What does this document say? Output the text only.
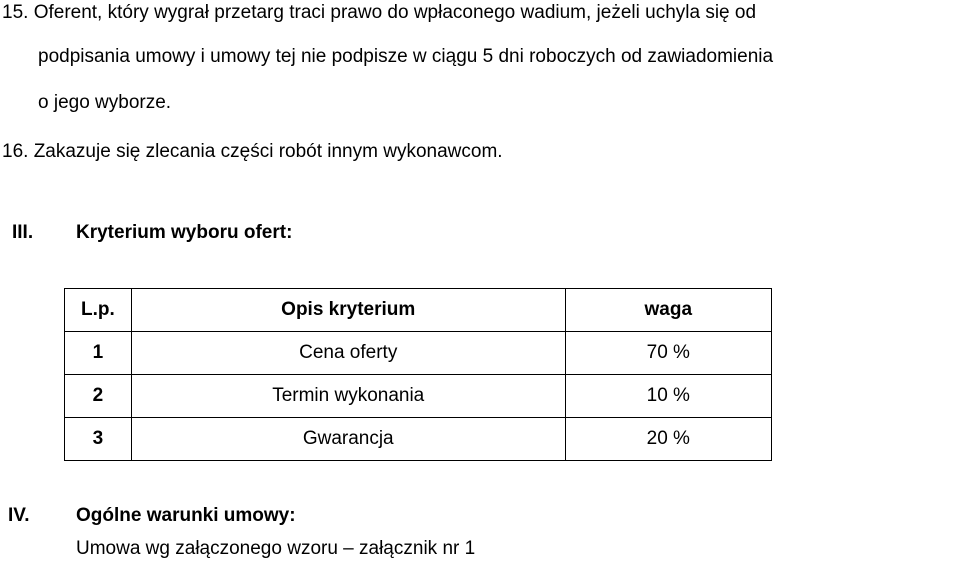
15. Oferent, który wygrał przetarg traci prawo do wpłaconego wadium, jeżeli uchyla się od
podpisania umowy i umowy tej nie podpisze w ciągu 5 dni roboczych od zawiadomienia
o jego wyborze.
16. Zakazuje się zlecania części robót innym wykonawcom.
III. Kryterium wyboru ofert:
L.p.	Opis kryterium	waga
1	Cena oferty	70 %
2	Termin wykonania	10 %
3	Gwarancja	20 %
IV. Ogólne warunki umowy:
Umowa wg załączonego wzoru – załącznik nr 1
